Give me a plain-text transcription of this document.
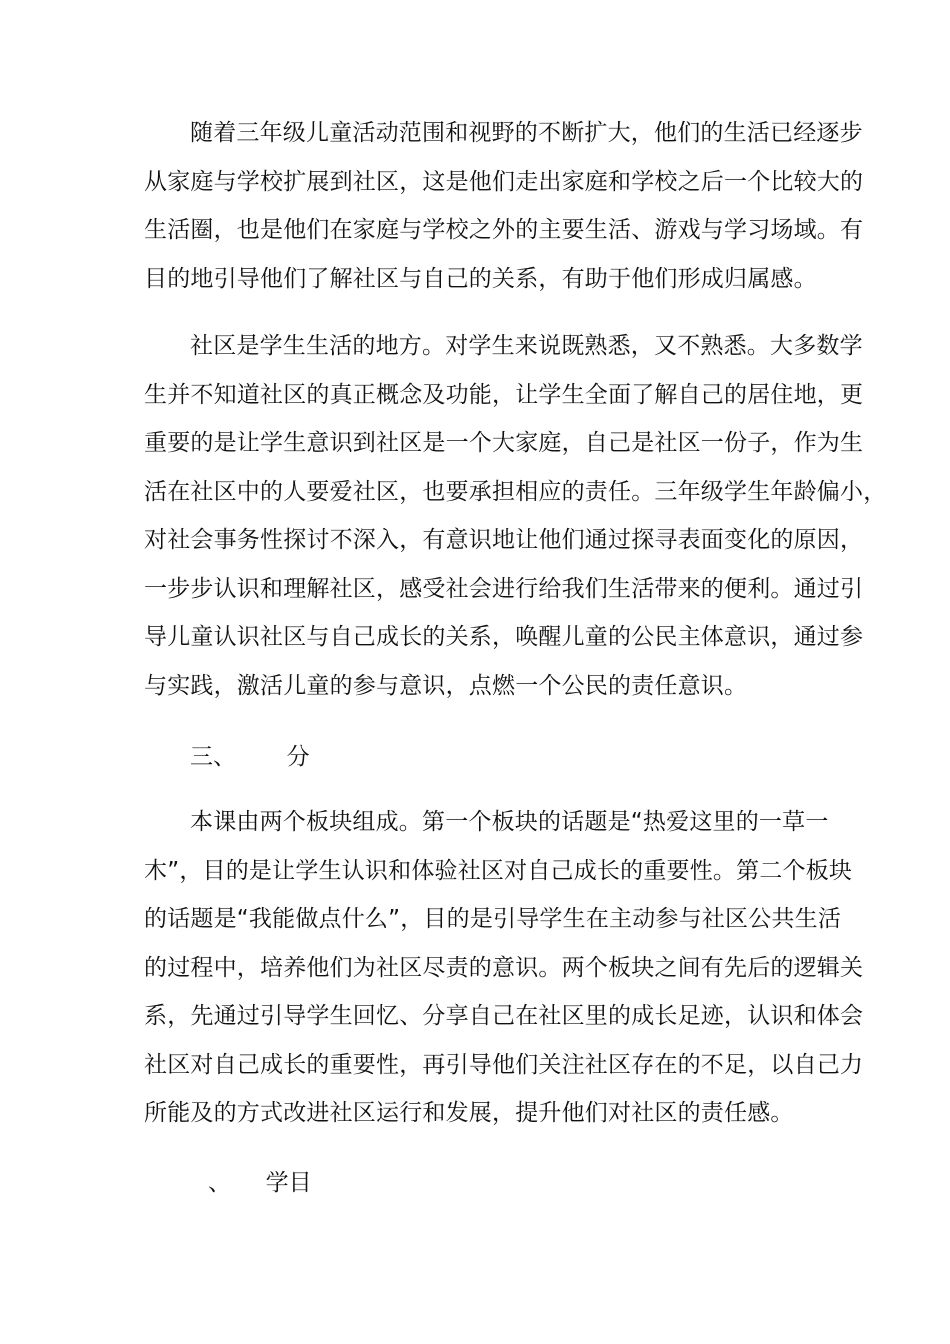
随着三年级儿童活动范围和视野的不断扩大，他们的生活已经逐步
从家庭与学校扩展到社区，这是他们走出家庭和学校之后一个比较大的
生活圈，也是他们在家庭与学校之外的主要生活、游戏与学习场域。有
目的地引导他们了解社区与自己的关系，有助于他们形成归属感。
社区是学生生活的地方。对学生来说既熟悉，又不熟悉。大多数学
生并不知道社区的真正概念及功能，让学生全面了解自己的居住地，更
重要的是让学生意识到社区是一个大家庭，自己是社区一份子，作为生
活在社区中的人要爱社区，也要承担相应的责任。三年级学生年龄偏小，
对社会事务性探讨不深入，有意识地让他们通过探寻表面变化的原因，
一步步认识和理解社区，感受社会进行给我们生活带来的便利。通过引
导儿童认识社区与自己成长的关系，唤醒儿童的公民主体意识，通过参
与实践，激活儿童的参与意识，点燃一个公民的责任意识。
三、 分
本课由两个板块组成。第一个板块的话题是“热爱这里的一草一
木”，目的是让学生认识和体验社区对自己成长的重要性。第二个板块
的话题是“我能做点什么”，目的是引导学生在主动参与社区公共生活
的过程中，培养他们为社区尽责的意识。两个板块之间有先后的逻辑关
系，先通过引导学生回忆、分享自己在社区里的成长足迹，认识和体会
社区对自己成长的重要性，再引导他们关注社区存在的不足，以自己力
所能及的方式改进社区运行和发展，提升他们对社区的责任感。
、 学目
